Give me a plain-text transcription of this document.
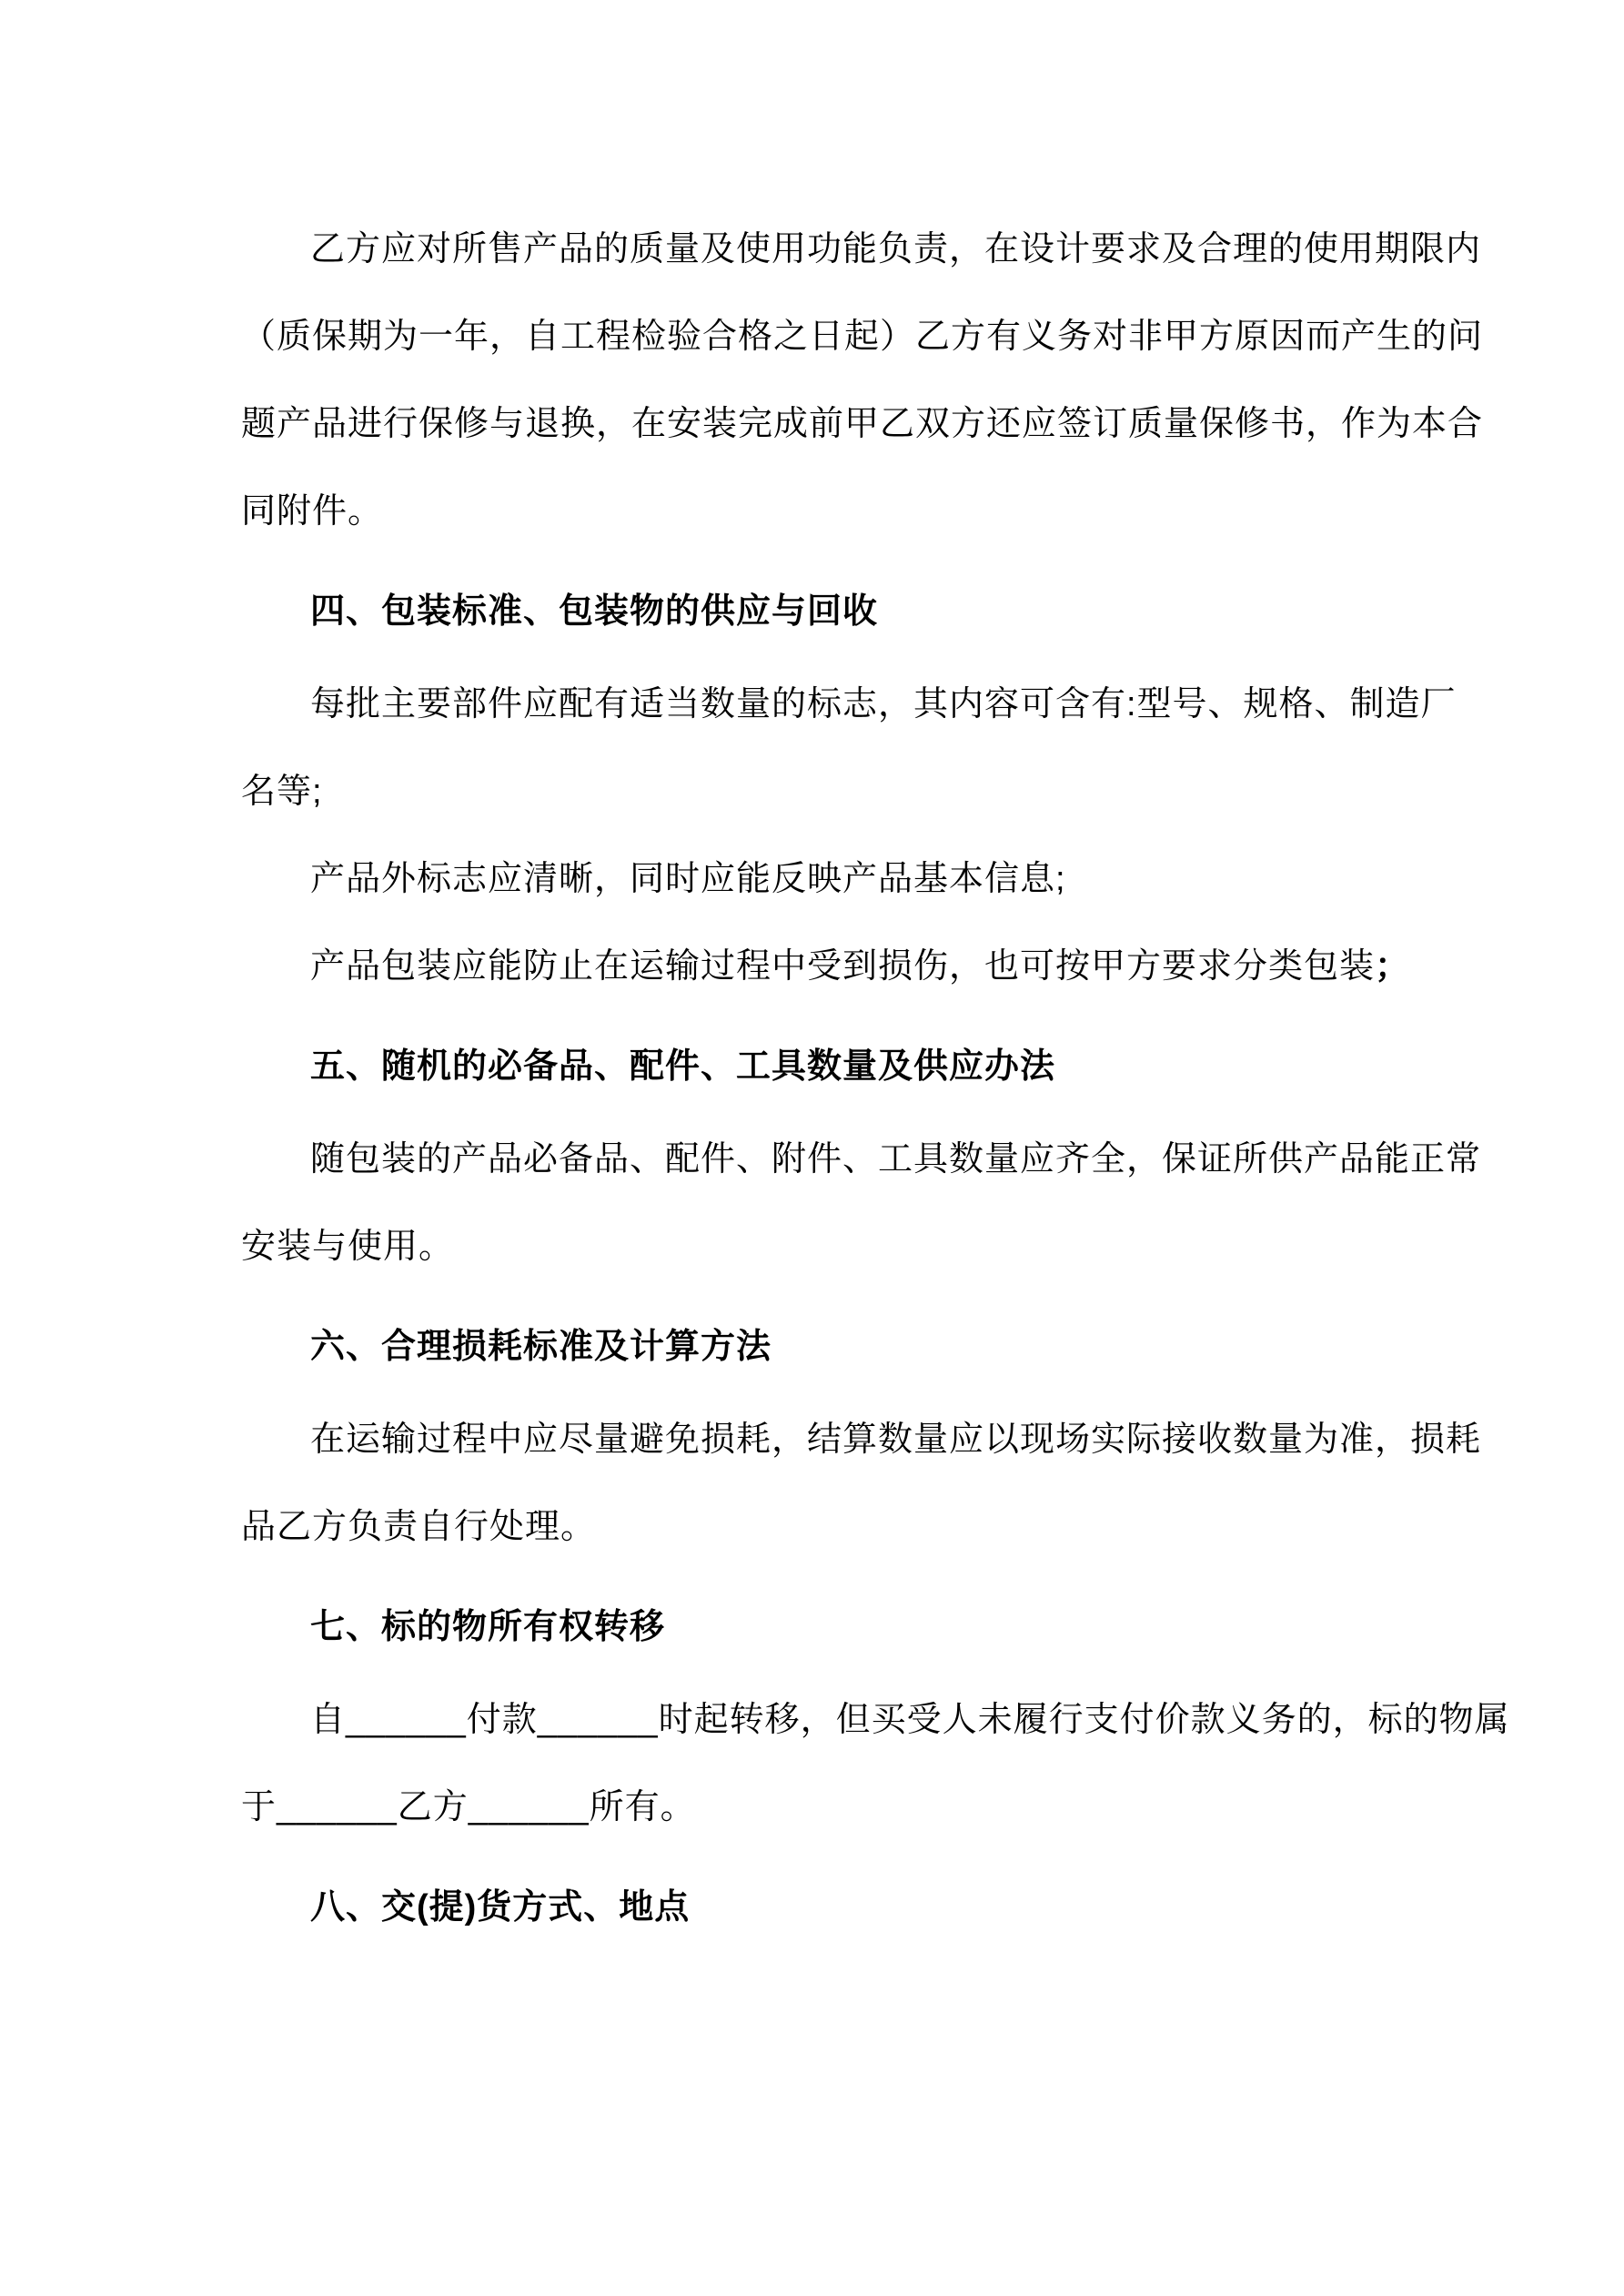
乙方应对所售产品的质量及使用功能负责，在设计要求及合理的使用期限内
（质保期为一年，自工程检验合格之日起）乙方有义务对非甲方原因而产生的问
题产品进行保修与退换，在安装完成前甲乙双方还应签订质量保修书，作为本合
同附件。
四、包装标准、包装物的供应与回收
每批主要部件应配有适当数量的标志，其内容可含有:型号、规格、制造厂
名等;
产品外标志应清晰，同时应能反映产品基本信息;
产品包装应能防止在运输过程中受到损伤，也可按甲方要求分类包装；
五、随机的必备品、配件、工具数量及供应办法
随包装的产品必备品、配件、附件、工具数量应齐全，保证所供产品能正常
安装与使用。
六、合理损耗标准及计算方法
在运输过程中应尽量避免损耗，结算数量应以现场实际接收数量为准，损耗
品乙方负责自行处理。
七、标的物所有权转移
自______付款______时起转移，但买受人未履行支付价款义务的，标的物属
于______乙方______所有。
八、交(提)货方式、地点
